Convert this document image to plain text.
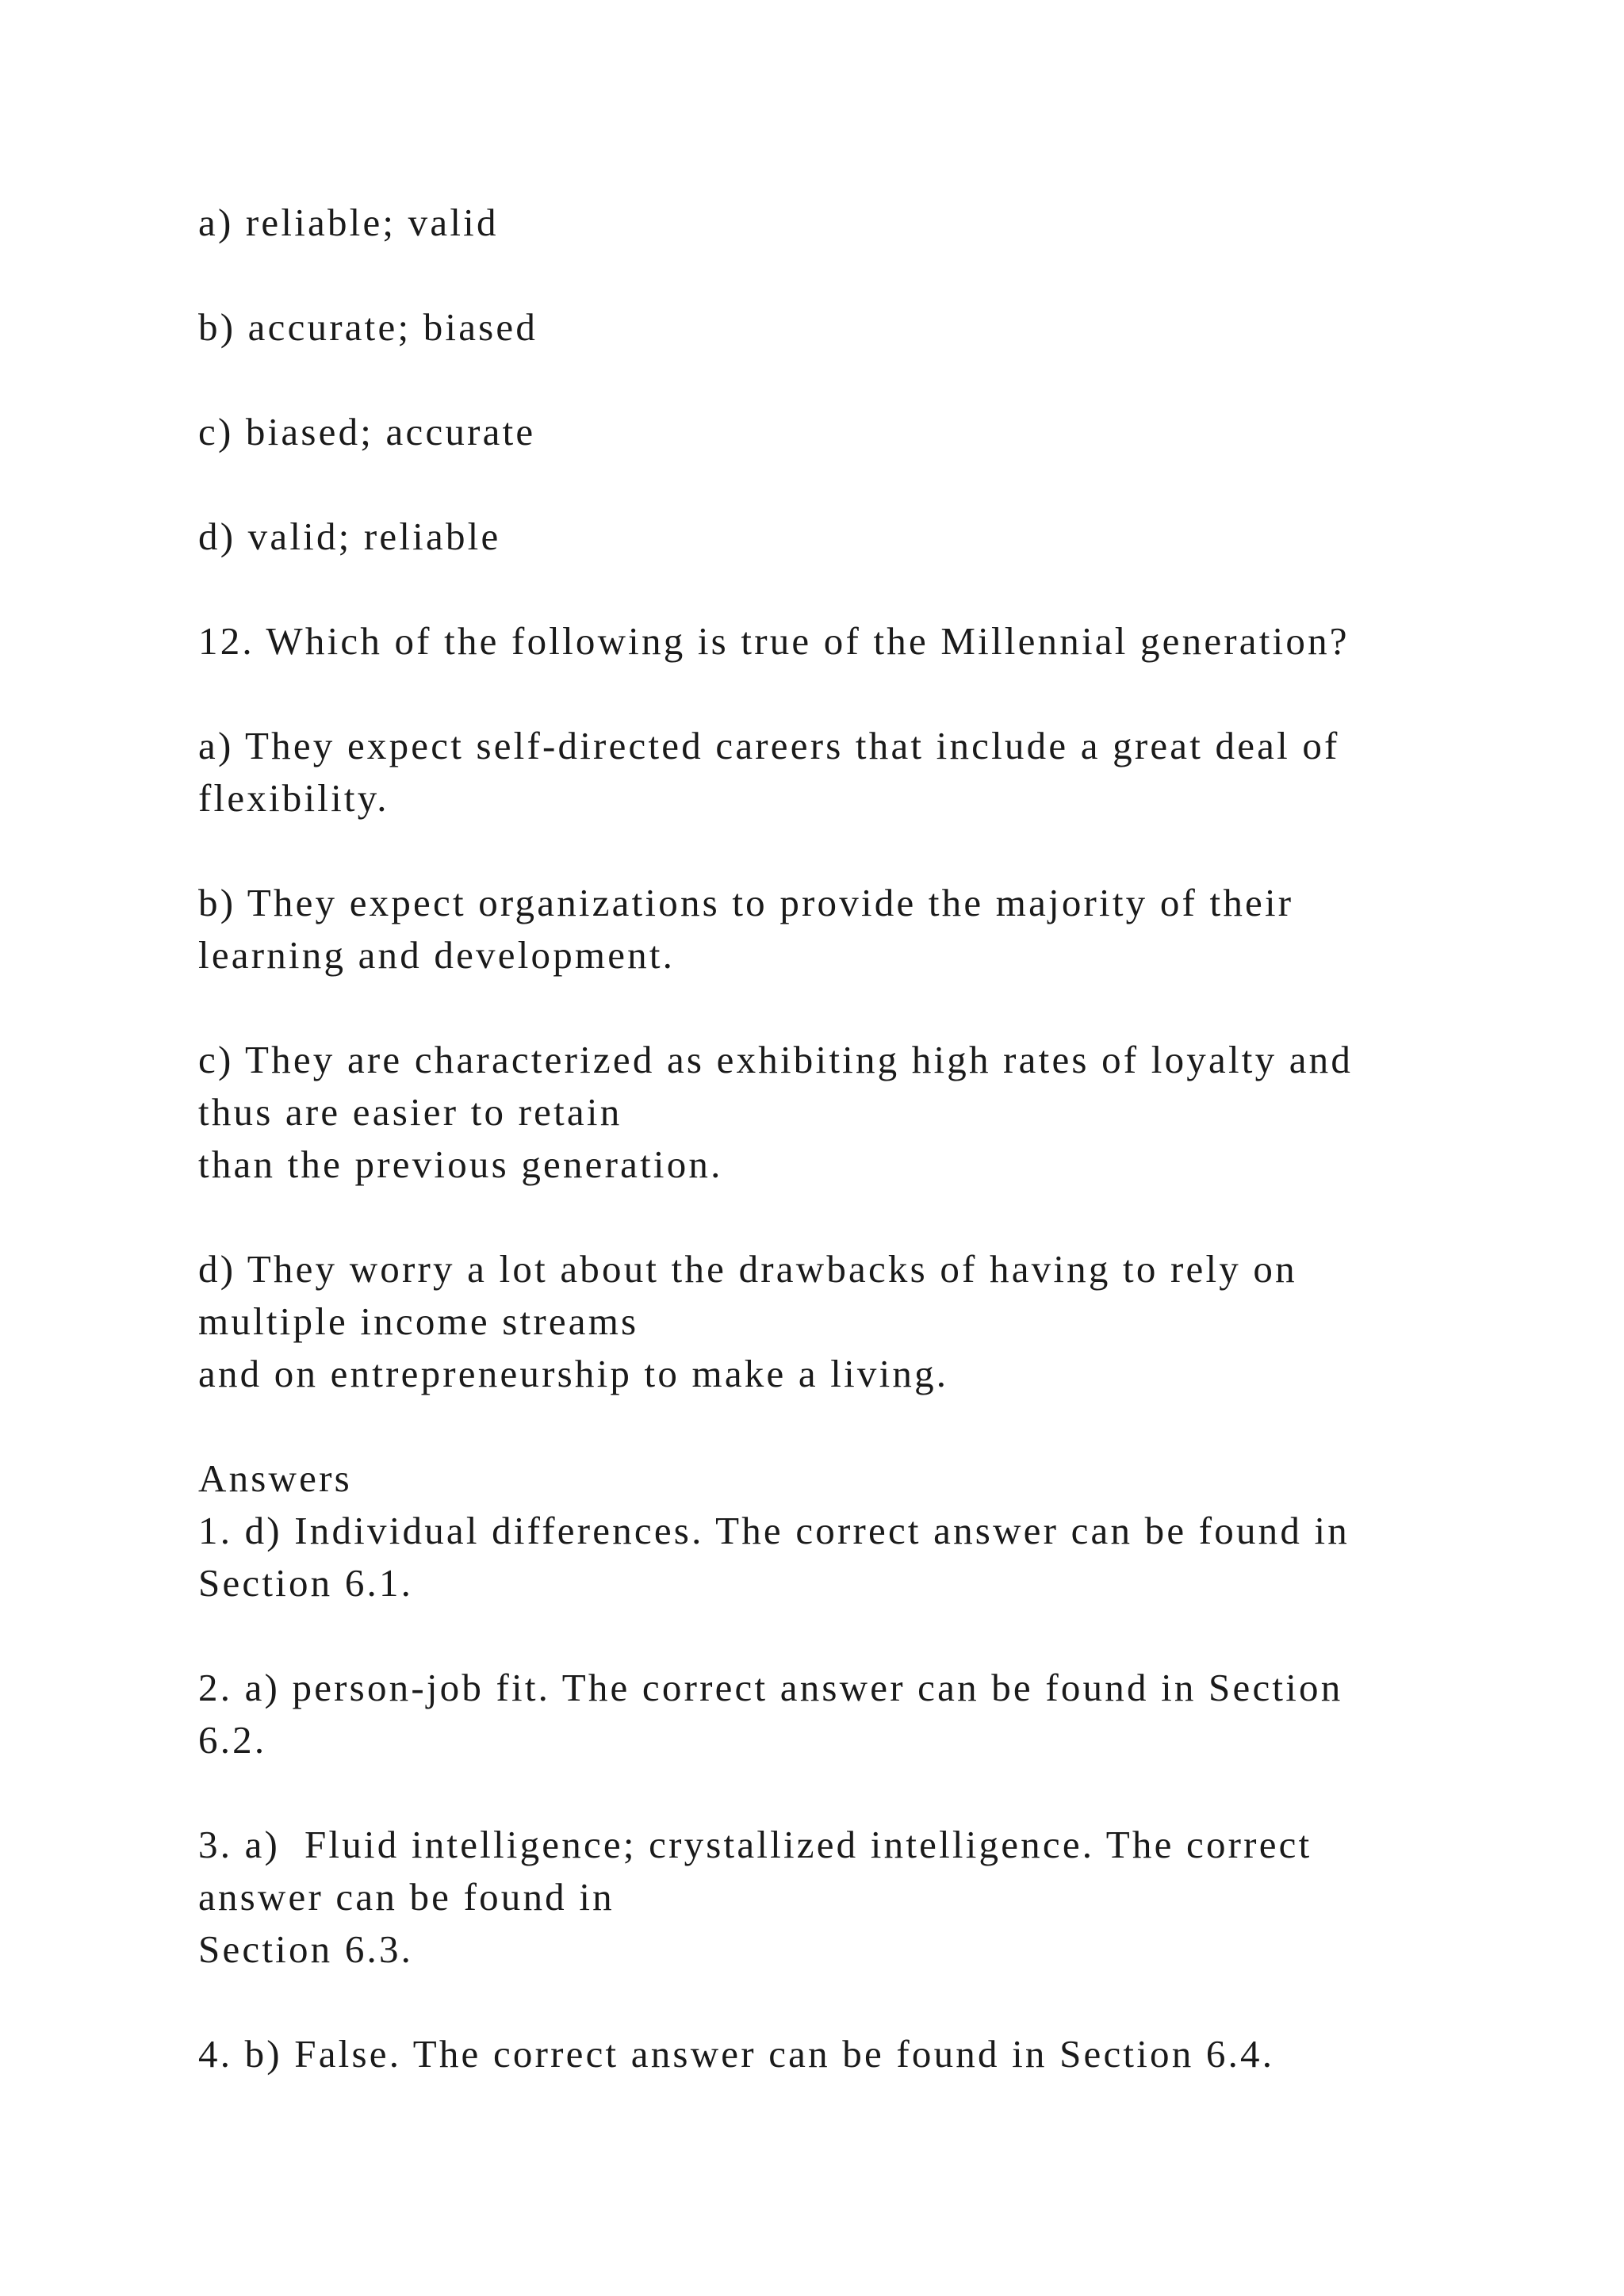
a) reliable; valid

b) accurate; biased

c) biased; accurate

d) valid; reliable

12. Which of the following is true of the Millennial generation?

a) They expect self-directed careers that include a great deal of

flexibility.

b) They expect organizations to provide the majority of their

learning and development.

c) They are characterized as exhibiting high rates of loyalty and

thus are easier to retain

than the previous generation.

d) They worry a lot about the drawbacks of having to rely on

multiple income streams

and on entrepreneurship to make a living.

Answers

1. d) Individual differences. The correct answer can be found in

Section 6.1.

2. a) person-job fit. The correct answer can be found in Section

6.2.

3. a)  Fluid intelligence; crystallized intelligence. The correct

answer can be found in

Section 6.3.

4. b) False. The correct answer can be found in Section 6.4.
